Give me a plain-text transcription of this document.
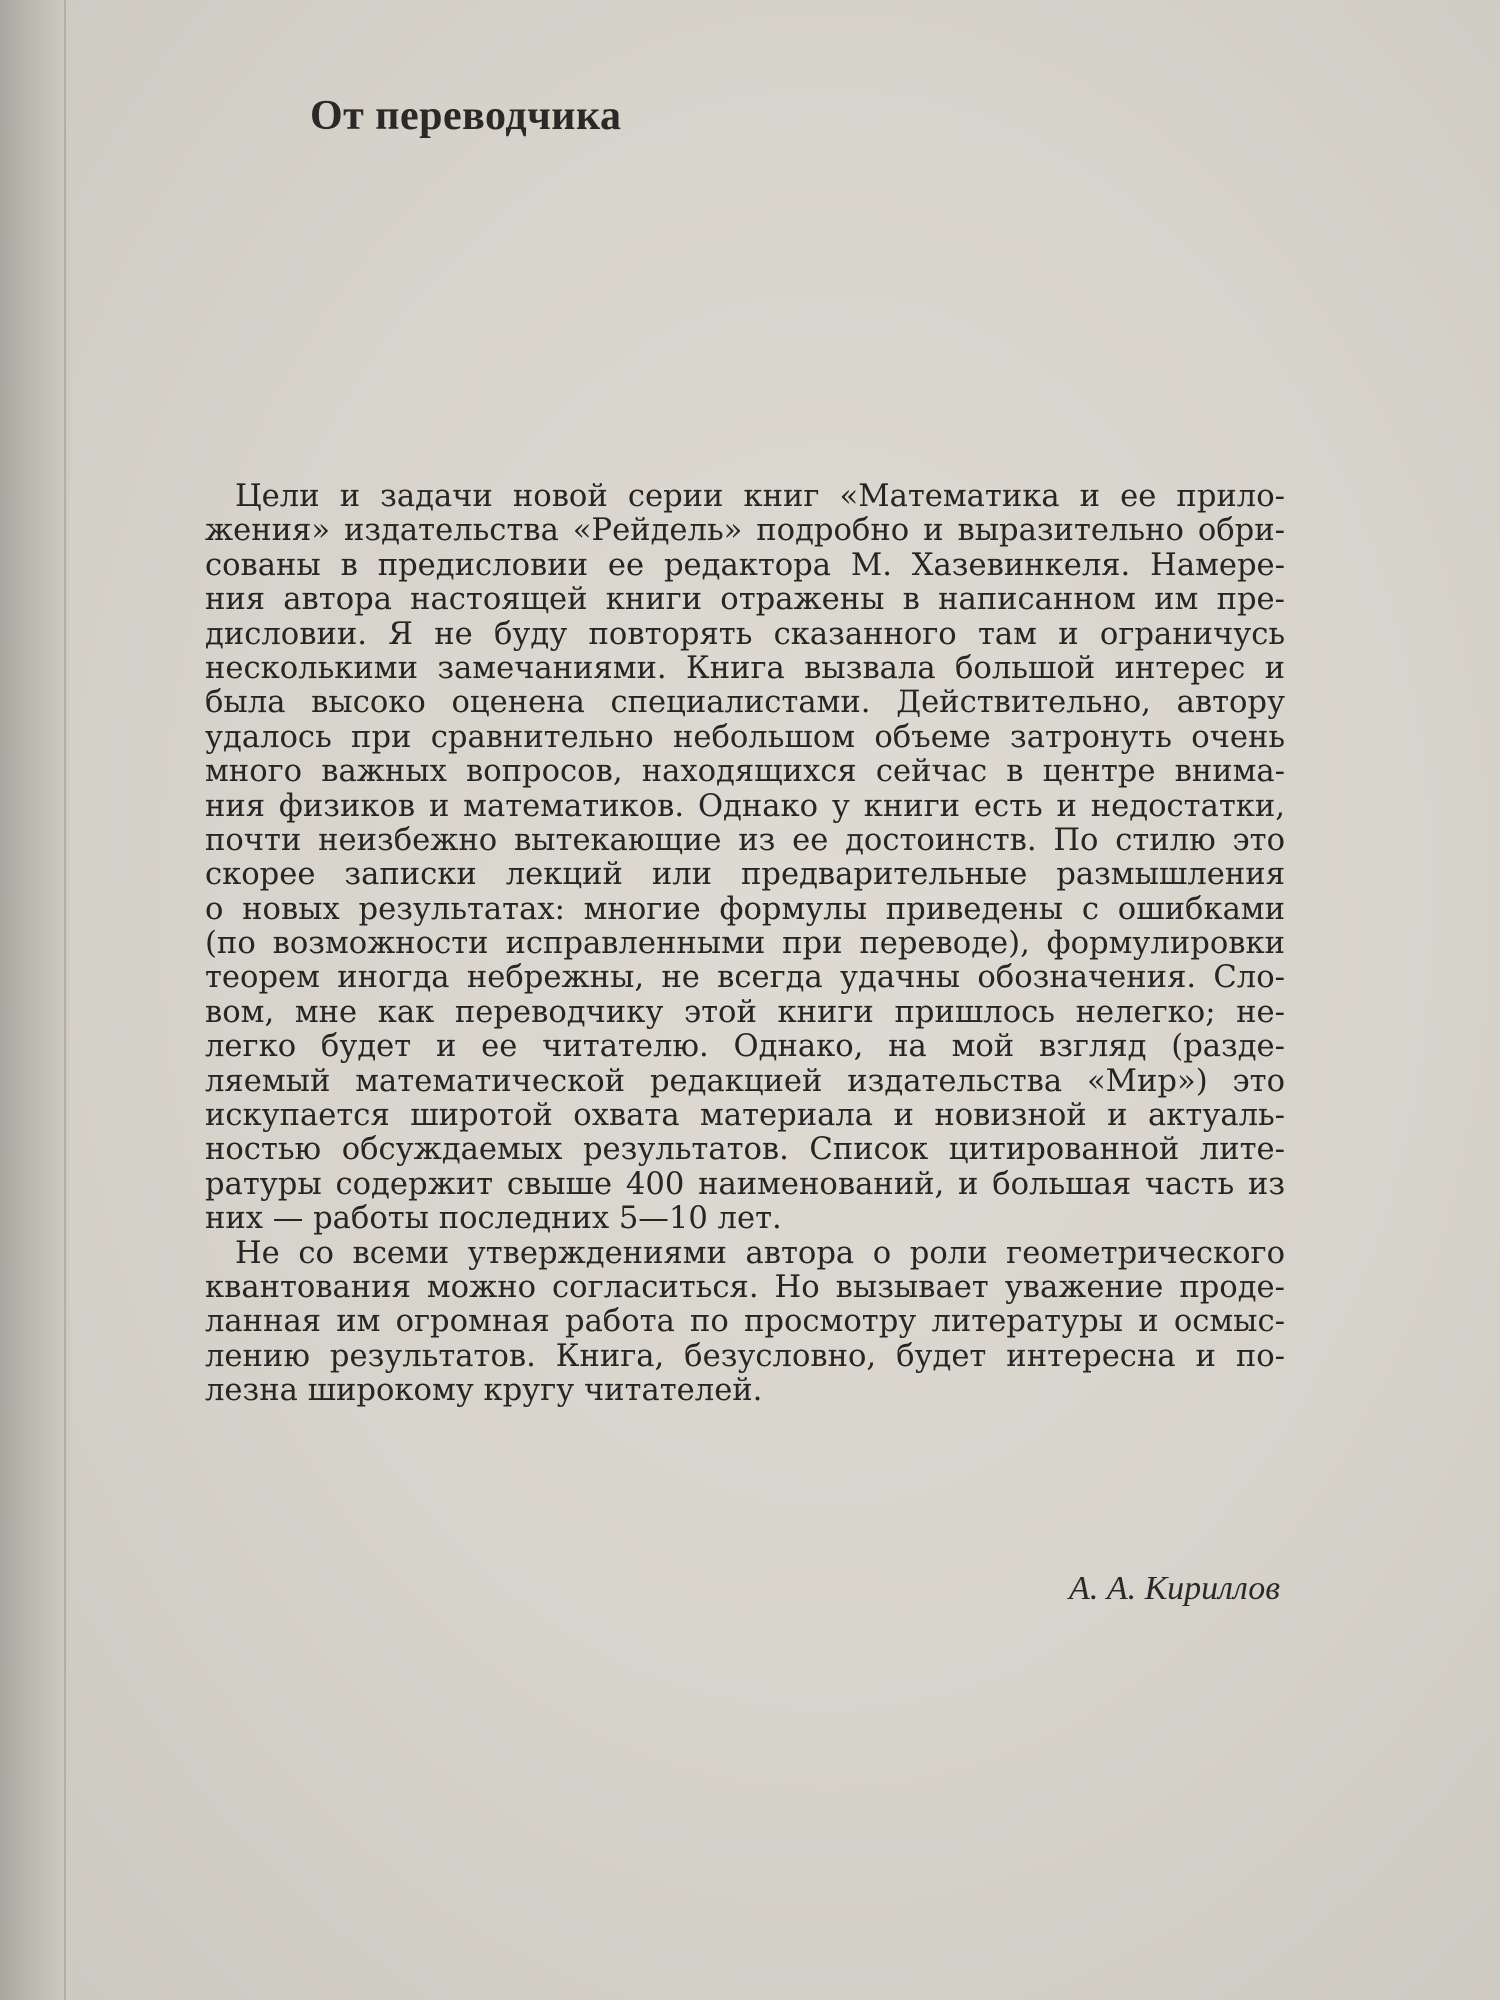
От переводчика

Цели и задачи новой серии книг «Математика и ее прило-
жения» издательства «Рейдель» подробно и выразительно обри-
сованы в предисловии ее редактора М. Хазевинкеля. Намере-
ния автора настоящей книги отражены в написанном им пре-
дисловии. Я не буду повторять сказанного там и ограничусь
несколькими замечаниями. Книга вызвала большой интерес и
была высоко оценена специалистами. Действительно, автору
удалось при сравнительно небольшом объеме затронуть очень
много важных вопросов, находящихся сейчас в центре внима-
ния физиков и математиков. Однако у книги есть и недостатки,
почти неизбежно вытекающие из ее достоинств. По стилю это
скорее записки лекций или предварительные размышления
о новых результатах: многие формулы приведены с ошибками
(по возможности исправленными при переводе), формулировки
теорем иногда небрежны, не всегда удачны обозначения. Сло-
вом, мне как переводчику этой книги пришлось нелегко; не-
легко будет и ее читателю. Однако, на мой взгляд (разде-
ляемый математической редакцией издательства «Мир») это
искупается широтой охвата материала и новизной и актуаль-
ностью обсуждаемых результатов. Список цитированной лите-
ратуры содержит свыше 400 наименований, и большая часть из
них — работы последних 5—10 лет.

Не со всеми утверждениями автора о роли геометрического
квантования можно согласиться. Но вызывает уважение проде-
ланная им огромная работа по просмотру литературы и осмыс-
лению результатов. Книга, безусловно, будет интересна и по-
лезна широкому кругу читателей.

А. А. Кириллов
